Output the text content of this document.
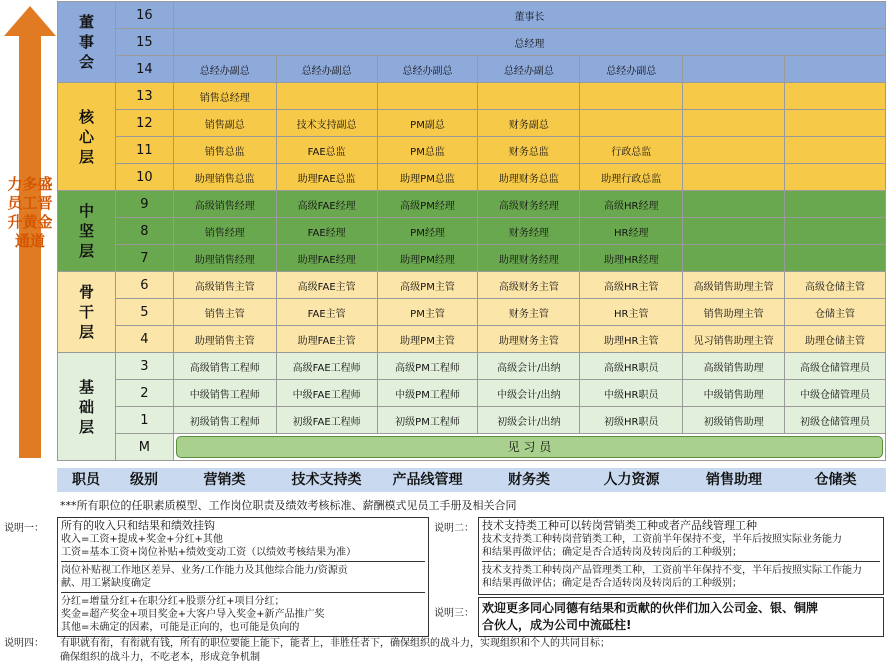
力多盛员工晋升黄金通道
董事会	16	董事长						
	15	总经理						
	14	总经办副总	总经办副总	总经办副总	总经办副总	总经办副总		
核心层	13	销售总经理						
	12	销售副总	技术支持副总	PM副总	财务副总			
	11	销售总监	FAE总监	PM总监	财务总监	行政总监		
	10	助理销售总监	助理FAE总监	助理PM总监	助理财务总监	助理行政总监		
中坚层	9	高级销售经理	高级FAE经理	高级PM经理	高级财务经理	高级HR经理		
	8	销售经理	FAE经理	PM经理	财务经理	HR经理		
	7	助理销售经理	助理FAE经理	助理PM经理	助理财务经理	助理HR经理		
骨干层	6	高级销售主管	高级FAE主管	高级PM主管	高级财务主管	高级HR主管	高级销售助理主管	高级仓储主管
	5	销售主管	FAE主管	PM主管	财务主管	HR主管	销售助理主管	仓储主管
	4	助理销售主管	助理FAE主管	助理PM主管	助理财务主管	助理HR主管	见习销售助理主管	助理仓储主管
基础层	3	高级销售工程师	高级FAE工程师	高级PM工程师	高级会计/出纳	高级HR职员	高级销售助理	高级仓储管理员
	2	中级销售工程师	中级FAE工程师	中级PM工程师	中级会计/出纳	中级HR职员	中级销售助理	中级仓储管理员
	1	初级销售工程师	初级FAE工程师	初级PM工程师	初级会计/出纳	初级HR职员	初级销售助理	初级仓储管理员
	M	见 习 员						
职员	级别	营销类	技术支持类	产品线管理	财务类	人力资源	销售助理	仓储类
***所有职位的任职素质模型、工作岗位职责及绩效考核标准、薪酬模式见员工手册及相关合同
说明一： 所有的收入只和结果和绩效挂钩
收入=工资+提成+奖金+分红+其他
工资=基本工资+岗位补贴+绩效变动工资（以绩效考核结果为准）
岗位补贴视工作地区差异、业务/工作能力及其他综合能力/资源贡
献、用工紧缺度确定
分红=增量分红+在职分红+股票分红+项目分红；
奖金=超产奖金+项目奖金+大客户导入奖金+新产品推广奖
其他=未确定的因素，可能是正向的，也可能是负向的
说明二： 技术支持类工种可以转岗营销类工种或者产品线管理工种
技术支持类工种转岗营销类工种，工资前半年保持不变，半年后按照实际业务能力
和结果再做评估；确定是否合适转岗及转岗后的工种级别；
技术支持类工种转岗产品管理类工种，工资前半年保持不变，半年后按照实际工作能力
和结果再做评估；确定是否合适转岗及转岗后的工种级别；
说明三： 欢迎更多同心同德有结果和贡献的伙伴们加入公司金、银、铜牌
合伙人，成为公司中流砥柱!
说明四： 有职就有衔，有衔就有钱，所有的职位要能上能下，能者上，非胜任者下，确保组织的战斗力，实现组织和个人的共同目标；
确保组织的战斗力，不吃老本，形成竞争机制
